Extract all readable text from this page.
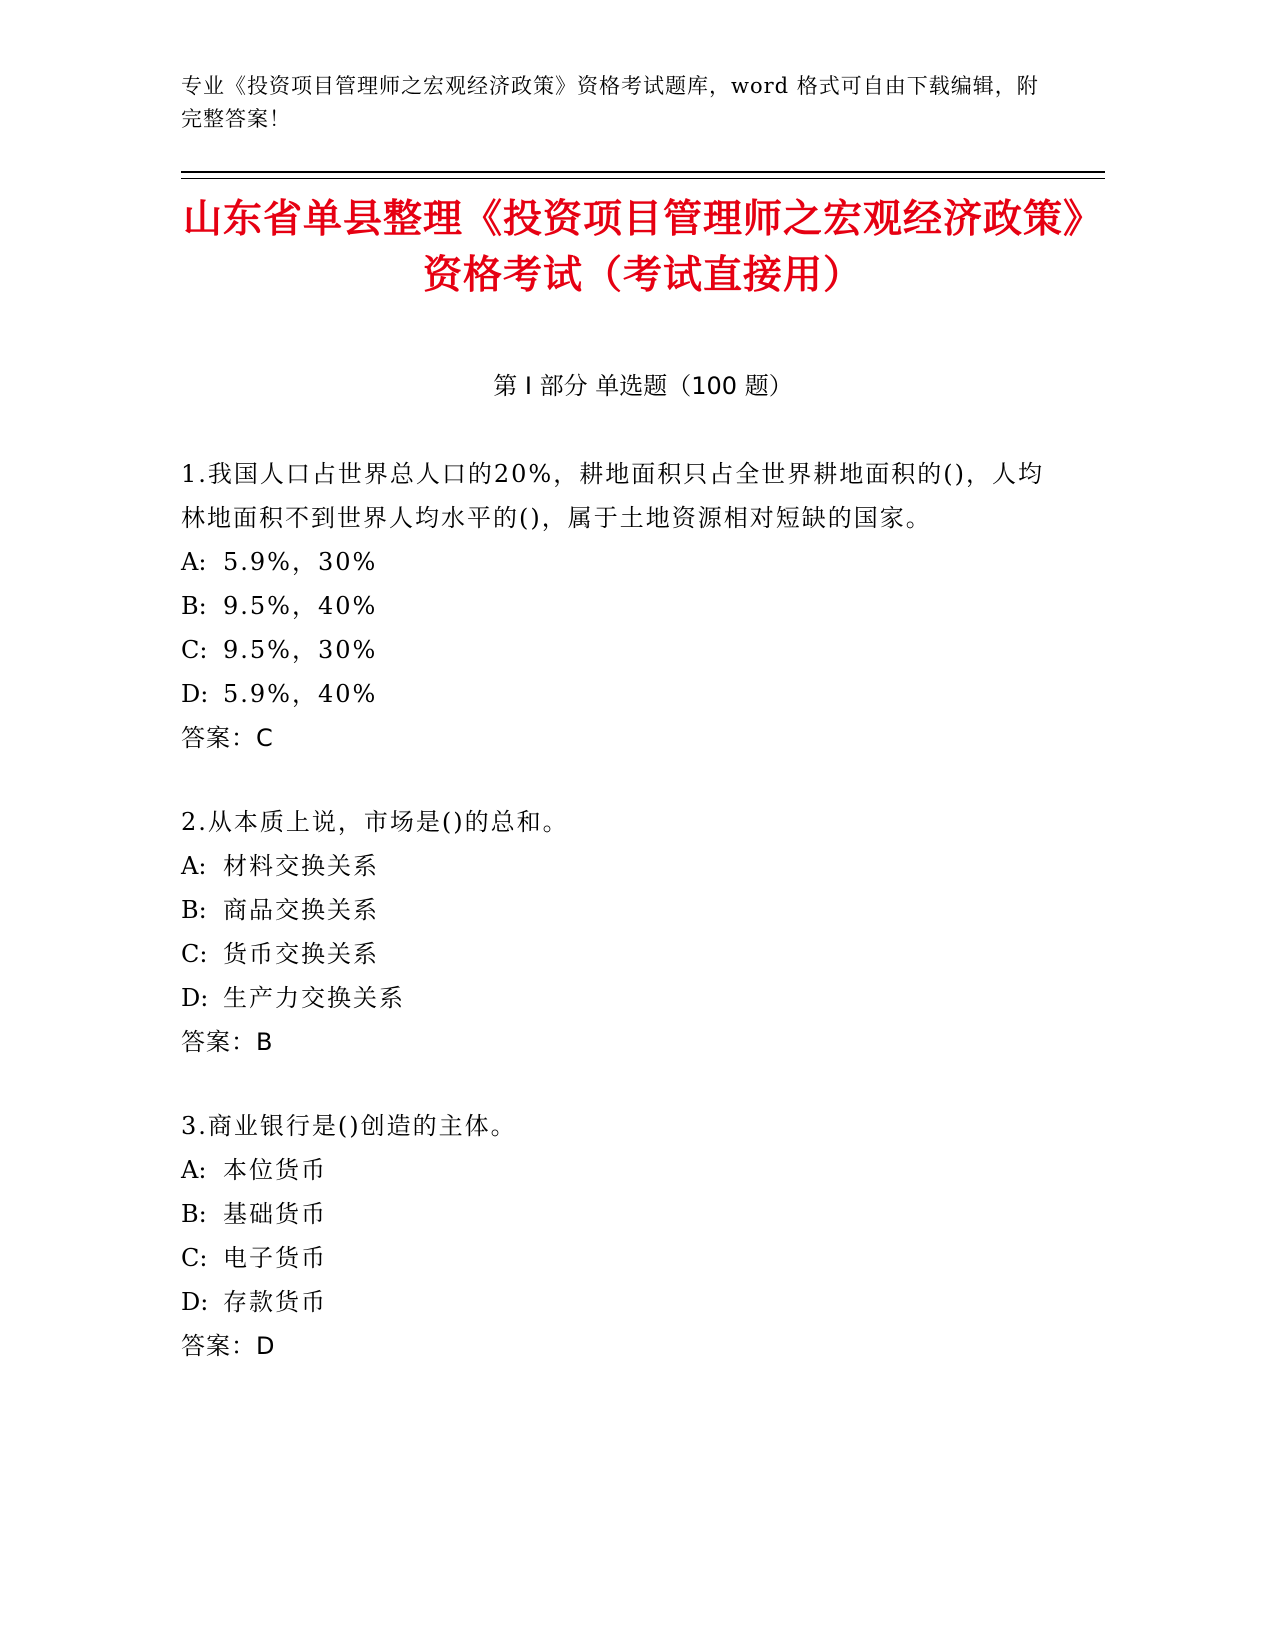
专业《投资项目管理师之宏观经济政策》资格考试题库，word 格式可自由下载编辑，附完整答案！
山东省单县整理《投资项目管理师之宏观经济政策》资格考试（考试直接用）
第 I 部分 单选题（100 题）
1.我国人口占世界总人口的20%，耕地面积只占全世界耕地面积的()，人均林地面积不到世界人均水平的()，属于土地资源相对短缺的国家。
A: 5.9%，30%
B: 9.5%，40%
C: 9.5%，30%
D: 5.9%，40%
答案：C
2.从本质上说，市场是()的总和。
A: 材料交换关系
B: 商品交换关系
C: 货币交换关系
D: 生产力交换关系
答案：B
3.商业银行是()创造的主体。
A: 本位货币
B: 基础货币
C: 电子货币
D: 存款货币
答案：D
